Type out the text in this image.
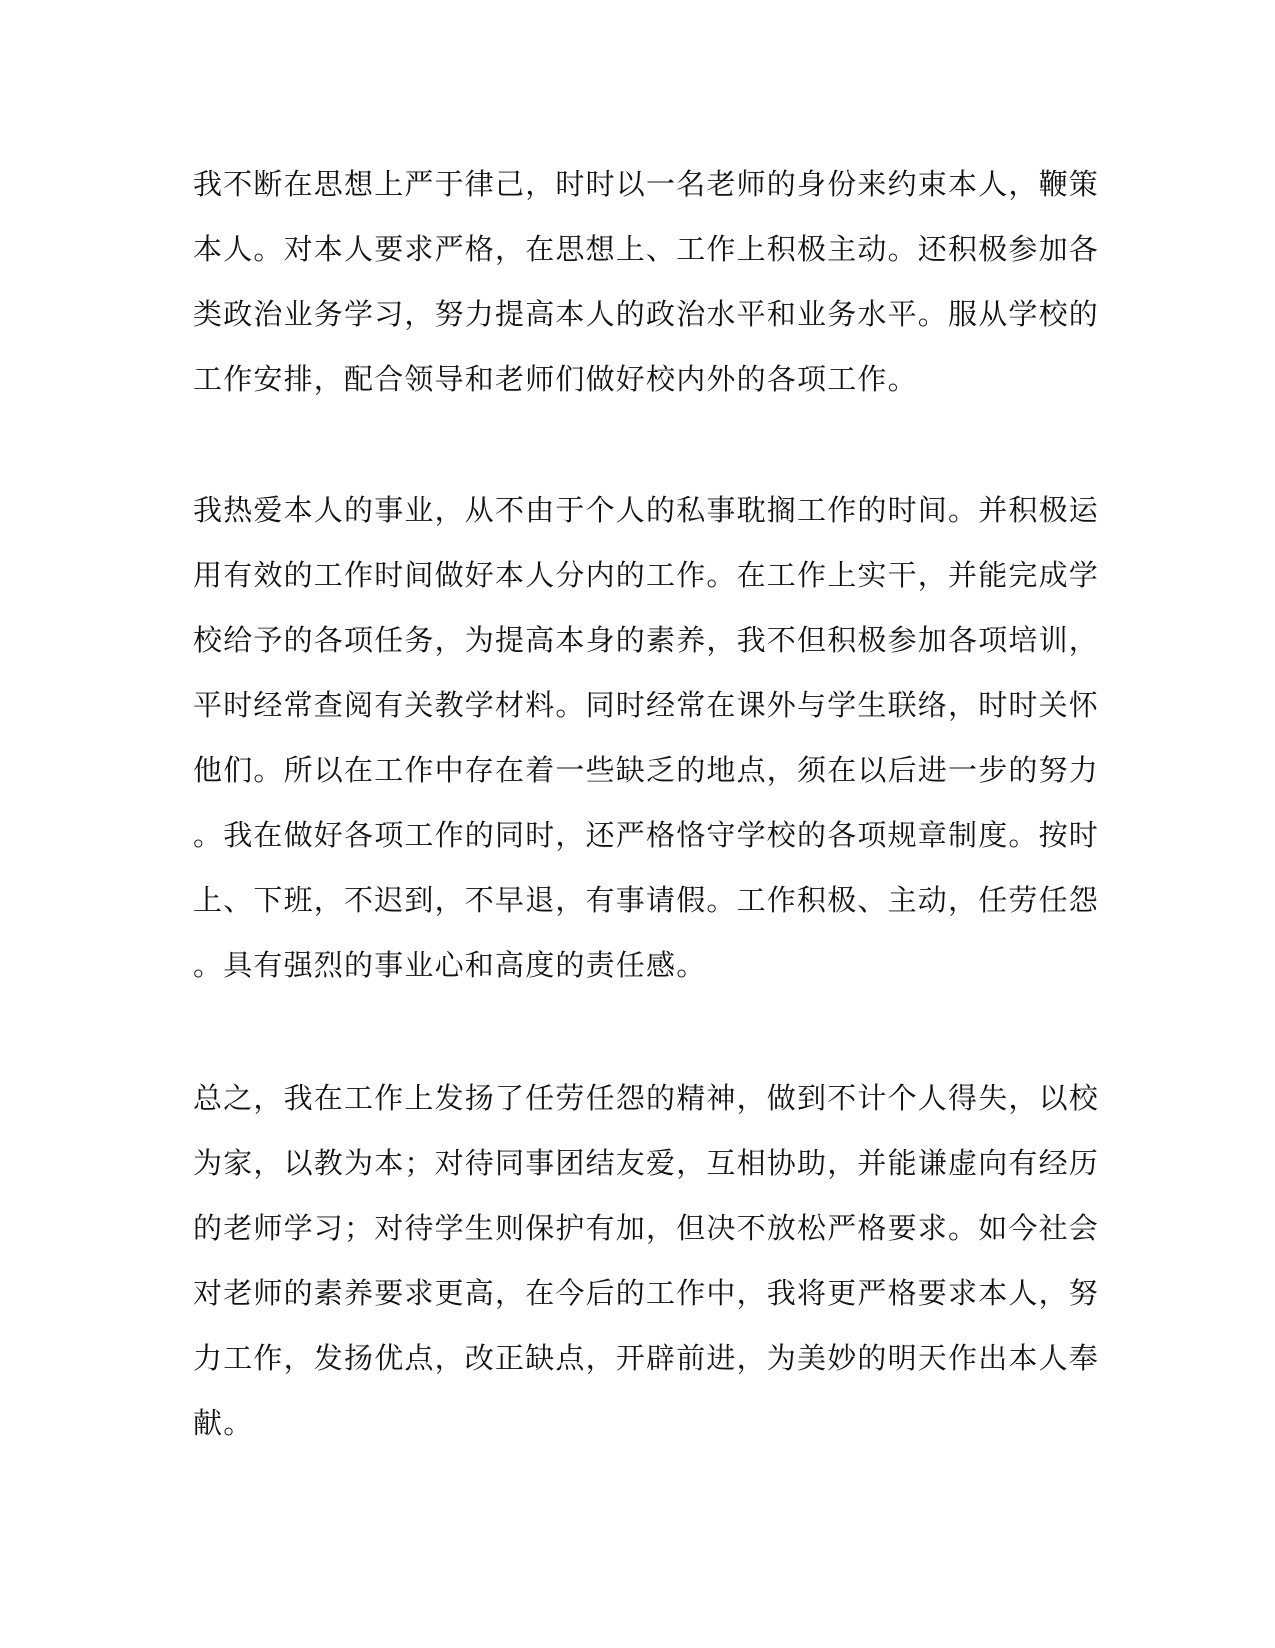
我不断在思想上严于律己，时时以一名老师的身份来约束本人，鞭策
本人。对本人要求严格，在思想上、工作上积极主动。还积极参加各
类政治业务学习，努力提高本人的政治水平和业务水平。服从学校的
工作安排，配合领导和老师们做好校内外的各项工作。
我热爱本人的事业，从不由于个人的私事耽搁工作的时间。并积极运
用有效的工作时间做好本人分内的工作。在工作上实干，并能完成学
校给予的各项任务，为提高本身的素养，我不但积极参加各项培训，
平时经常查阅有关教学材料。同时经常在课外与学生联络，时时关怀
他们。所以在工作中存在着一些缺乏的地点，须在以后进一步的努力
。我在做好各项工作的同时，还严格恪守学校的各项规章制度。按时
上、下班，不迟到，不早退，有事请假。工作积极、主动，任劳任怨
。具有强烈的事业心和高度的责任感。
总之，我在工作上发扬了任劳任怨的精神，做到不计个人得失，以校
为家，以教为本；对待同事团结友爱，互相协助，并能谦虚向有经历
的老师学习；对待学生则保护有加，但决不放松严格要求。如今社会
对老师的素养要求更高，在今后的工作中，我将更严格要求本人，努
力工作，发扬优点，改正缺点，开辟前进，为美妙的明天作出本人奉
献。
